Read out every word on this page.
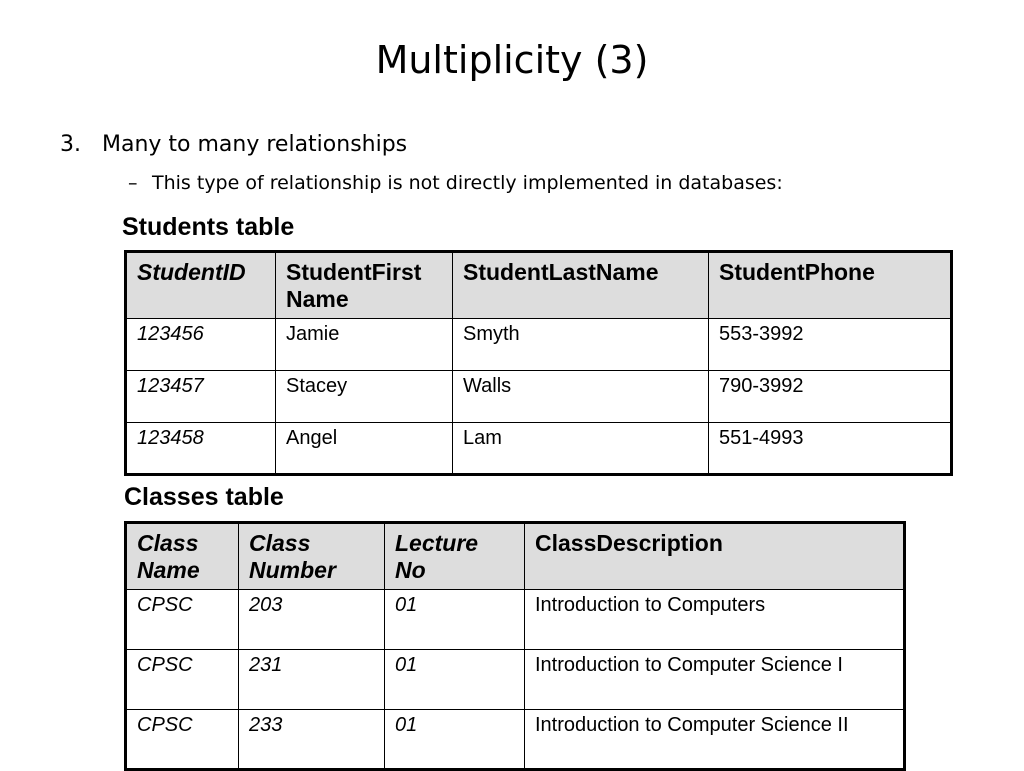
Multiplicity (3)
3. Many to many relationships
– This type of relationship is not directly implemented in databases:
Students table
StudentID	StudentFirst Name	StudentLastName	StudentPhone
123456	Jamie	Smyth	553-3992
123457	Stacey	Walls	790-3992
123458	Angel	Lam	551-4993
Classes table
Class Name	Class Number	Lecture No	ClassDescription
CPSC	203	01	Introduction to Computers
CPSC	231	01	Introduction to Computer Science I
CPSC	233	01	Introduction to Computer Science II
